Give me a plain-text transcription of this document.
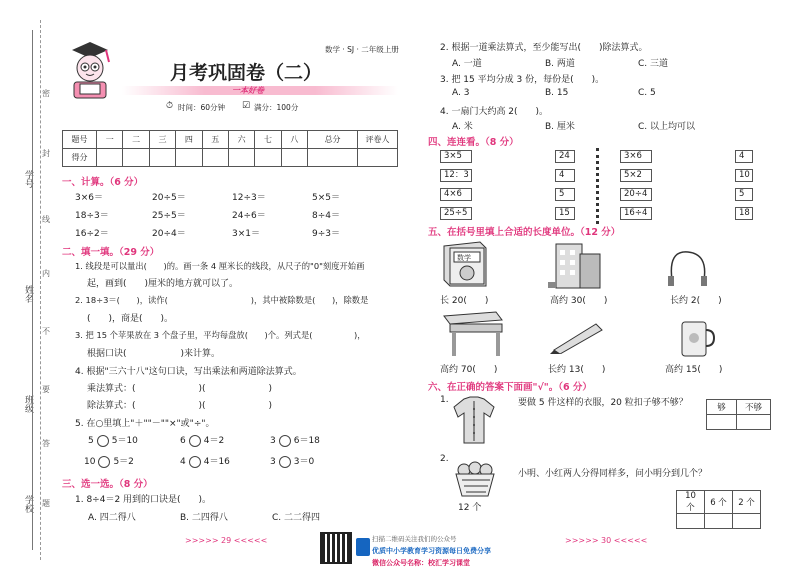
学号
姓名
班级
学校
密
封
线
内
不
要
答
题
数学 · SJ · 二年级上册
月考巩固卷（二）
一本好卷
⏱ 时间：60分钟 ☑ 满分：100分
题号	一	二	三	四	五	六	七	八	总分	评卷人
得分										
一、计算。（6 分）
3×6＝	20÷5＝	12÷3＝	5×5＝
18÷3＝	25÷5＝	24÷6＝	8÷4＝
16÷2＝	20÷4＝	3×1＝	9÷3＝
二、填一填。（29 分）
1. 线段是可以量出(　　)的。画一条 4 厘米长的线段，从尺子的"0"刻度开始画
起，画到(　　)厘米的地方就可以了。
2. 18÷3＝(　　)，读作(　　　　　　　　　　)，其中被除数是(　　)，除数是
(　　)，商是(　　)。
3. 把 15 个苹果放在 3 个盘子里，平均每盘放(　　)个。列式是(　　　　　)，
根据口诀(　　　　　　)来计算。
4. 根据"三六十八"这句口诀，写出乘法和两道除法算式。
乘法算式：(　　　　　　　)(　　　　　　　)
除法算式：(　　　　　　　)(　　　　　　　)
5. 在○里填上"＋""－""×"或"÷"。
5 5＝10	6 4＝2	3 6＝18
10 5＝2	4 4＝16	3 3＝0
三、选一选。（8 分）
1. 8÷4＝2 用到的口诀是(　　)。
A. 四二得八	B. 二四得八	C. 二二得四
2. 根据一道乘法算式，至少能写出(　　)除法算式。
A. 一道	B. 两道	C. 三道
3. 把 15 平均分成 3 份，每份是(　　)。
A. 3	B. 15	C. 5
4. 一扇门大约高 2(　　)。
A. 米	B. 厘米	C. 以上均可以
四、连连看。（8 分）
3×5
12：3
4×6
25÷5
24
4
5
15
3×6
5×2
20÷4
16÷4
4
10
5
18
五、在括号里填上合适的长度单位。（12 分）
数学
长 20(　　)	高约 30(　　)	长约 2(　　)
高约 70(　　)	长约 13(　　)	高约 15(　　)
六、在正确的答案下面画"√"。（6 分）
1.	要做 5 件这样的衣服，20 粒扣子够不够？	够	不够

2.
12 个
小明、小红两人分得同样多，问小明分到几个？
10 个	6 个	2 个

>>>>> 29 <<<<<	>>>>> 30 <<<<<
扫描二维码关注我们的公众号
优质中小学教育学习资源每日免费分享
微信公众号名称：校汇学习课堂
